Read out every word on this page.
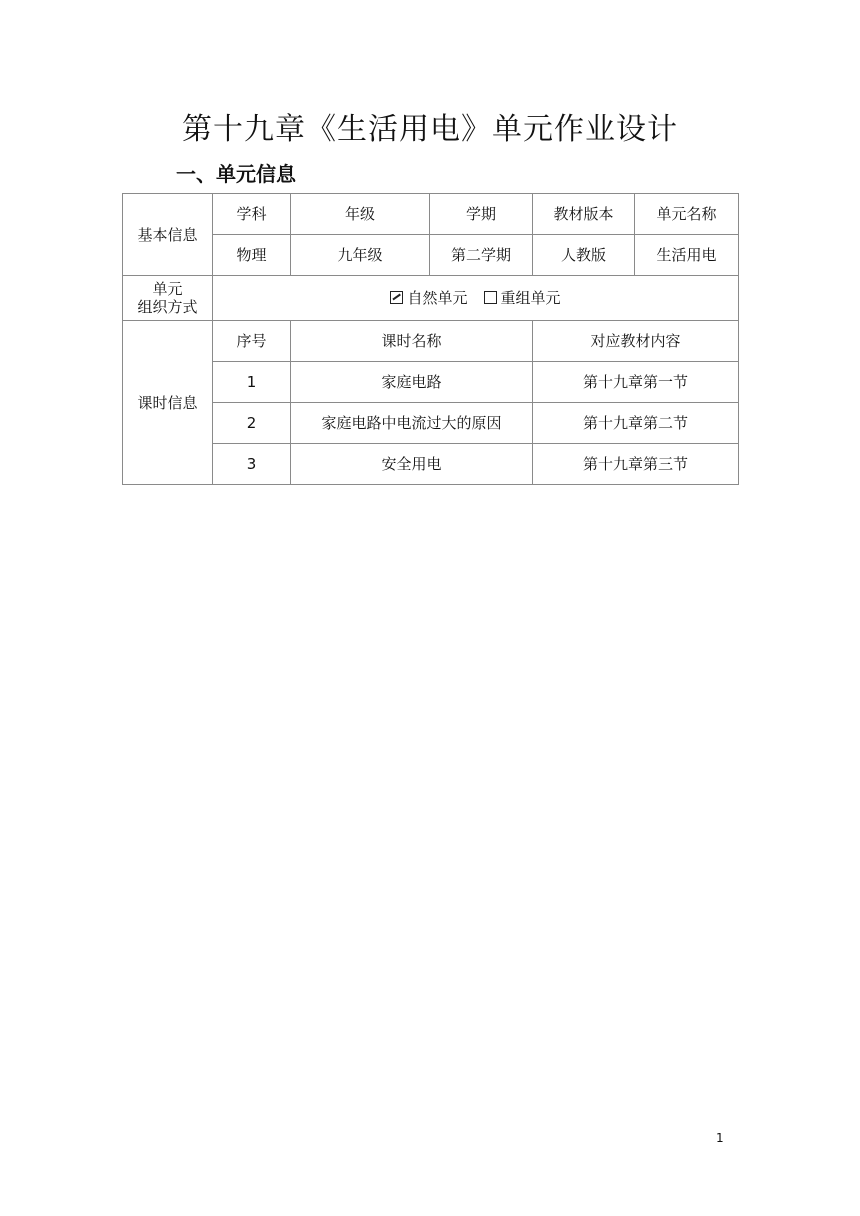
第十九章《生活用电》单元作业设计
一、单元信息
基本信息	学科	年级	学期	教材版本	单元名称
	物理	九年级	第二学期	人教版	生活用电

单元
组织方式	自然单元 重组单元				
课时信息	序号	课时名称		对应教材内容	
	1	家庭电路		第十九章第一节	
	2	家庭电路中电流过大的原因		第十九章第二节	
	3	安全用电		第十九章第三节	
1
